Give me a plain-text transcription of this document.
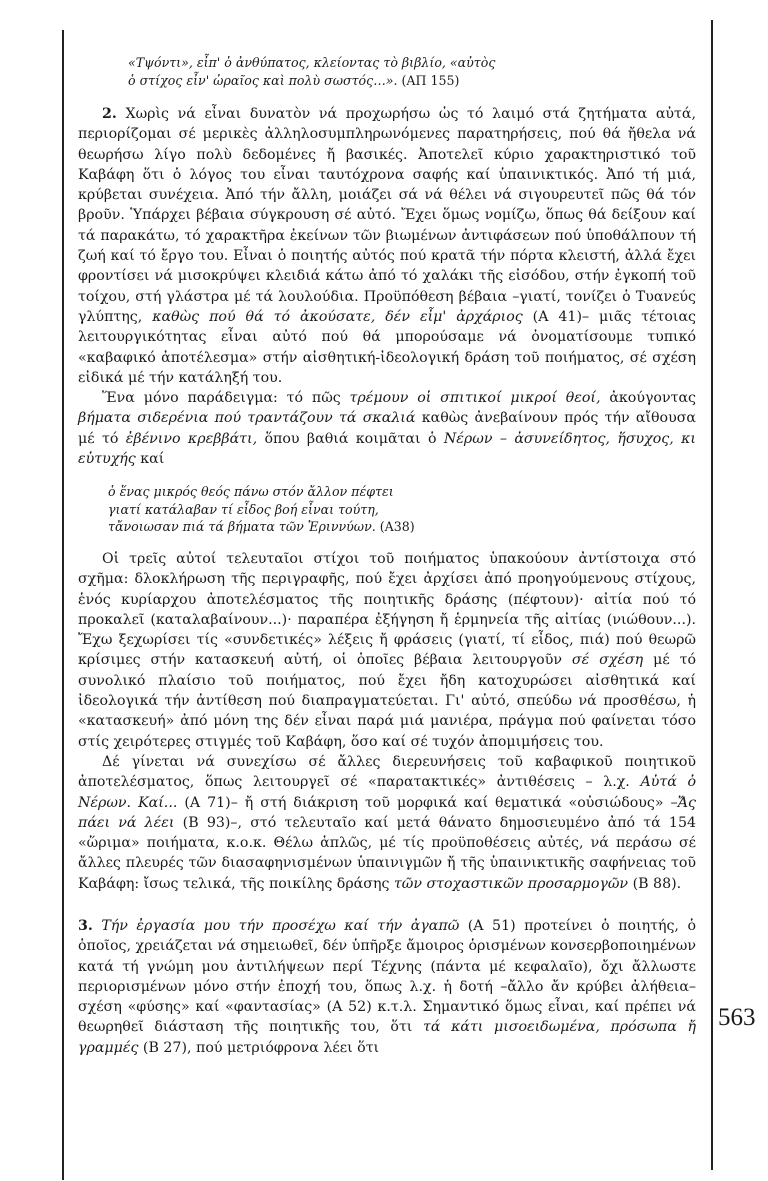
563

«Τψόντι», εἶπ' ὁ ἀνθύπατος, κλείοντας τὸ βιβλίο, «αὐτὸς
ὁ στίχος εἶν' ὡραῖος καὶ πολὺ σωστός…». (ΑΠ 155)

2. Χωρὶς νά εἶναι δυνατὸν νά προχωρήσω ὡς τό λαιμό στά ζητήματα αὐτά, περιορίζομαι σέ μερικὲς ἀλληλοσυμπληρωνόμενες παρατηρήσεις, πού θά ἤθελα νά θεωρήσω λίγο πολὺ δεδομένες ἤ βασικές. Ἀποτελεῖ κύριο χαρακτηριστικό τοῦ Καβάφη ὅτι ὁ λόγος του εἶναι ταυτόχρονα σαφής καί ὑπαινικτικός. Ἀπό τή μιά, κρύβεται συνέχεια. Ἀπό τήν ἄλλη, μοιάζει σά νά θέλει νά σιγουρευτεῖ πῶς θά τόν βροῦν. Ὑπάρχει βέβαια σύγκρουση σέ αὐτό. Ἔχει ὅμως νομίζω, ὅπως θά δείξουν καί τά παρακάτω, τό χαρακτῆρα ἐκείνων τῶν βιωμένων ἀντιφάσεων πού ὑποθάλπουν τή ζωή καί τό ἔργο του. Εἶναι ὁ ποιητής αὐτός πού κρατᾶ τήν πόρτα κλειστή, ἀλλά ἔχει φροντίσει νά μισοκρύψει κλειδιά κάτω ἀπό τό χαλάκι τῆς εἰσόδου, στήν ἐγκοπή τοῦ τοίχου, στή γλάστρα μέ τά λουλούδια. Προϋπόθεση βέβαια –γιατί, τονίζει ὁ Τυανεύς γλύπτης, καθὼς πού θά τό ἀκούσατε, δέν εἶμ' ἀρχάριος (Α 41)– μιᾶς τέτοιας λειτουργικότητας εἶναι αὐτό πού θά μπορούσαμε νά ὀνοματίσουμε τυπικό «καβαφικό ἀποτέλεσμα» στήν αἰσθητική-ἰδεολογική δράση τοῦ ποιήματος, σέ σχέση εἰδικά μέ τήν κατάληξή του.

Ἕνα μόνο παράδειγμα: τό πῶς τρέμουν οἱ σπιτικοί μικροί θεοί, ἀκούγοντας βήματα σιδερένια πού τραντάζουν τά σκαλιά καθὼς ἀνεβαίνουν πρός τήν αἴθουσα μέ τό ἐβένινο κρεββάτι, ὅπου βαθιά κοιμᾶται ὁ Νέρων – ἀσυνείδητος, ἥσυχος, κι εὐτυχής καί

ὁ ἕνας μικρός θεός πάνω στόν ἄλλον πέφτει
γιατί κατάλαβαν τί εἶδος βοή εἶναι τούτη,
τἄνοιωσαν πιά τά βήματα τῶν Ἐριννύων. (Α38)

Οἱ τρεῖς αὐτοί τελευταῖοι στίχοι τοῦ ποιήματος ὑπακούουν ἀντίστοιχα στό σχῆμα: δλοκλήρωση τῆς περιγραφῆς, πού ἔχει ἀρχίσει ἀπό προηγούμενους στίχους, ἑνός κυρίαρχου ἀποτελέσματος τῆς ποιητικῆς δράσης (πέφτουν)· αἰτία πού τό προκαλεῖ (καταλαβαίνουν...)· παραπέρα ἐξήγηση ἤ ἑρμηνεία τῆς αἰτίας (νιώθουν...). Ἔχω ξεχωρίσει τίς «συνδετικές» λέξεις ἤ φράσεις (γιατί, τί εἶδος, πιά) πού θεωρῶ κρίσιμες στήν κατασκευή αὐτή, οἱ ὁποῖες βέβαια λειτουργοῦν σέ σχέση μέ τό συνολικό πλαίσιο τοῦ ποιήματος, πού ἔχει ἤδη κατοχυρώσει αἰσθητικά καί ἰδεολογικά τήν ἀντίθεση πού διαπραγματεύεται. Γι' αὐτό, σπεύδω νά προσθέσω, ἡ «κατασκευή» ἀπό μόνη της δέν εἶναι παρά μιά μανιέρα, πράγμα πού φαίνεται τόσο στίς χειρότερες στιγμές τοῦ Καβάφη, ὅσο καί σέ τυχόν ἀπομιμήσεις του.

Δέ γίνεται νά συνεχίσω σέ ἄλλες διερευνήσεις τοῦ καβαφικοῦ ποιητικοῦ ἀποτελέσματος, ὅπως λειτουργεῖ σέ «παρατακτικές» ἀντιθέσεις – λ.χ. Αὐτά ὁ Νέρων. Καί... (Α 71)– ἤ στή διάκριση τοῦ μορφικά καί θεματικά «οὐσιώδους» –Ἄς πάει νά λέει (Β 93)–, στό τελευταῖο καί μετά θάνατο δημοσιευμένο ἀπό τά 154 «ὥριμα» ποιήματα, κ.ο.κ. Θέλω ἁπλῶς, μέ τίς προϋποθέσεις αὐτές, νά περάσω σέ ἄλλες πλευρές τῶν διασαφηνισμένων ὑπαινιγμῶν ἤ τῆς ὑπαινικτικῆς σαφήνειας τοῦ Καβάφη: ἴσως τελικά, τῆς ποικίλης δράσης τῶν στοχαστικῶν προσαρμογῶν (Β 88).

3. Τήν ἐργασία μου τήν προσέχω καί τήν ἀγαπῶ (Α 51) προτείνει ὁ ποιητής, ὁ ὁποῖος, χρειάζεται νά σημειωθεῖ, δέν ὑπῆρξε ἄμοιρος ὁρισμένων κονσερβοποιημένων κατά τή γνώμη μου ἀντιλήψεων περί Τέχνης (πάντα μέ κεφαλαῖο), ὄχι ἄλλωστε περιορισμένων μόνο στήν ἐποχή του, ὅπως λ.χ. ἡ δοτή –ἄλλο ἄν κρύβει ἀλήθεια– σχέση «φύσης» καί «φαντασίας» (Α 52) κ.τ.λ. Σημαντικό ὅμως εἶναι, καί πρέπει νά θεωρηθεῖ διάσταση τῆς ποιητικῆς του, ὅτι τά κάτι μισοειδωμένα, πρόσωπα ἤ γραμμές (Β 27), πού μετριόφρονα λέει ὅτι
